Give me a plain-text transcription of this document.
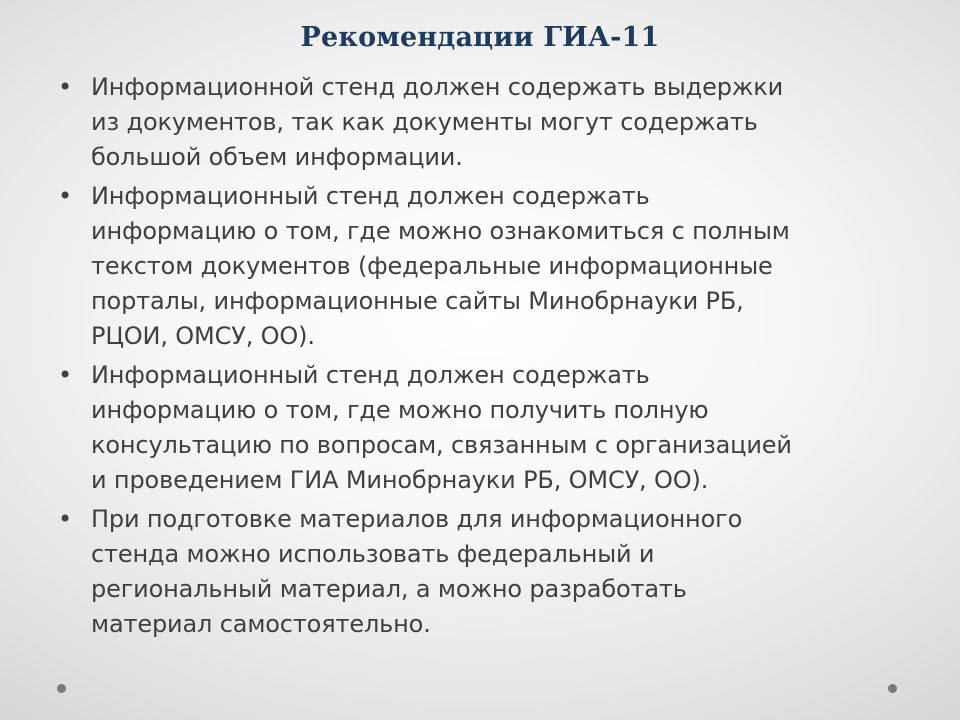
Рекомендации ГИА-11
• Информационной стенд должен содержать выдержки
из документов, так как документы могут содержать
большой объем информации.
• Информационный стенд должен содержать
информацию о том, где можно ознакомиться с полным
текстом документов (федеральные информационные
порталы, информационные сайты Минобрнауки РБ,
РЦОИ, ОМСУ, ОО).
• Информационный стенд должен содержать
информацию о том, где можно получить полную
консультацию по вопросам, связанным с организацией
и проведением ГИА Минобрнауки РБ, ОМСУ, ОО).
• При подготовке материалов для информационного
стенда можно использовать федеральный и
региональный материал, а можно разработать
материал самостоятельно.
